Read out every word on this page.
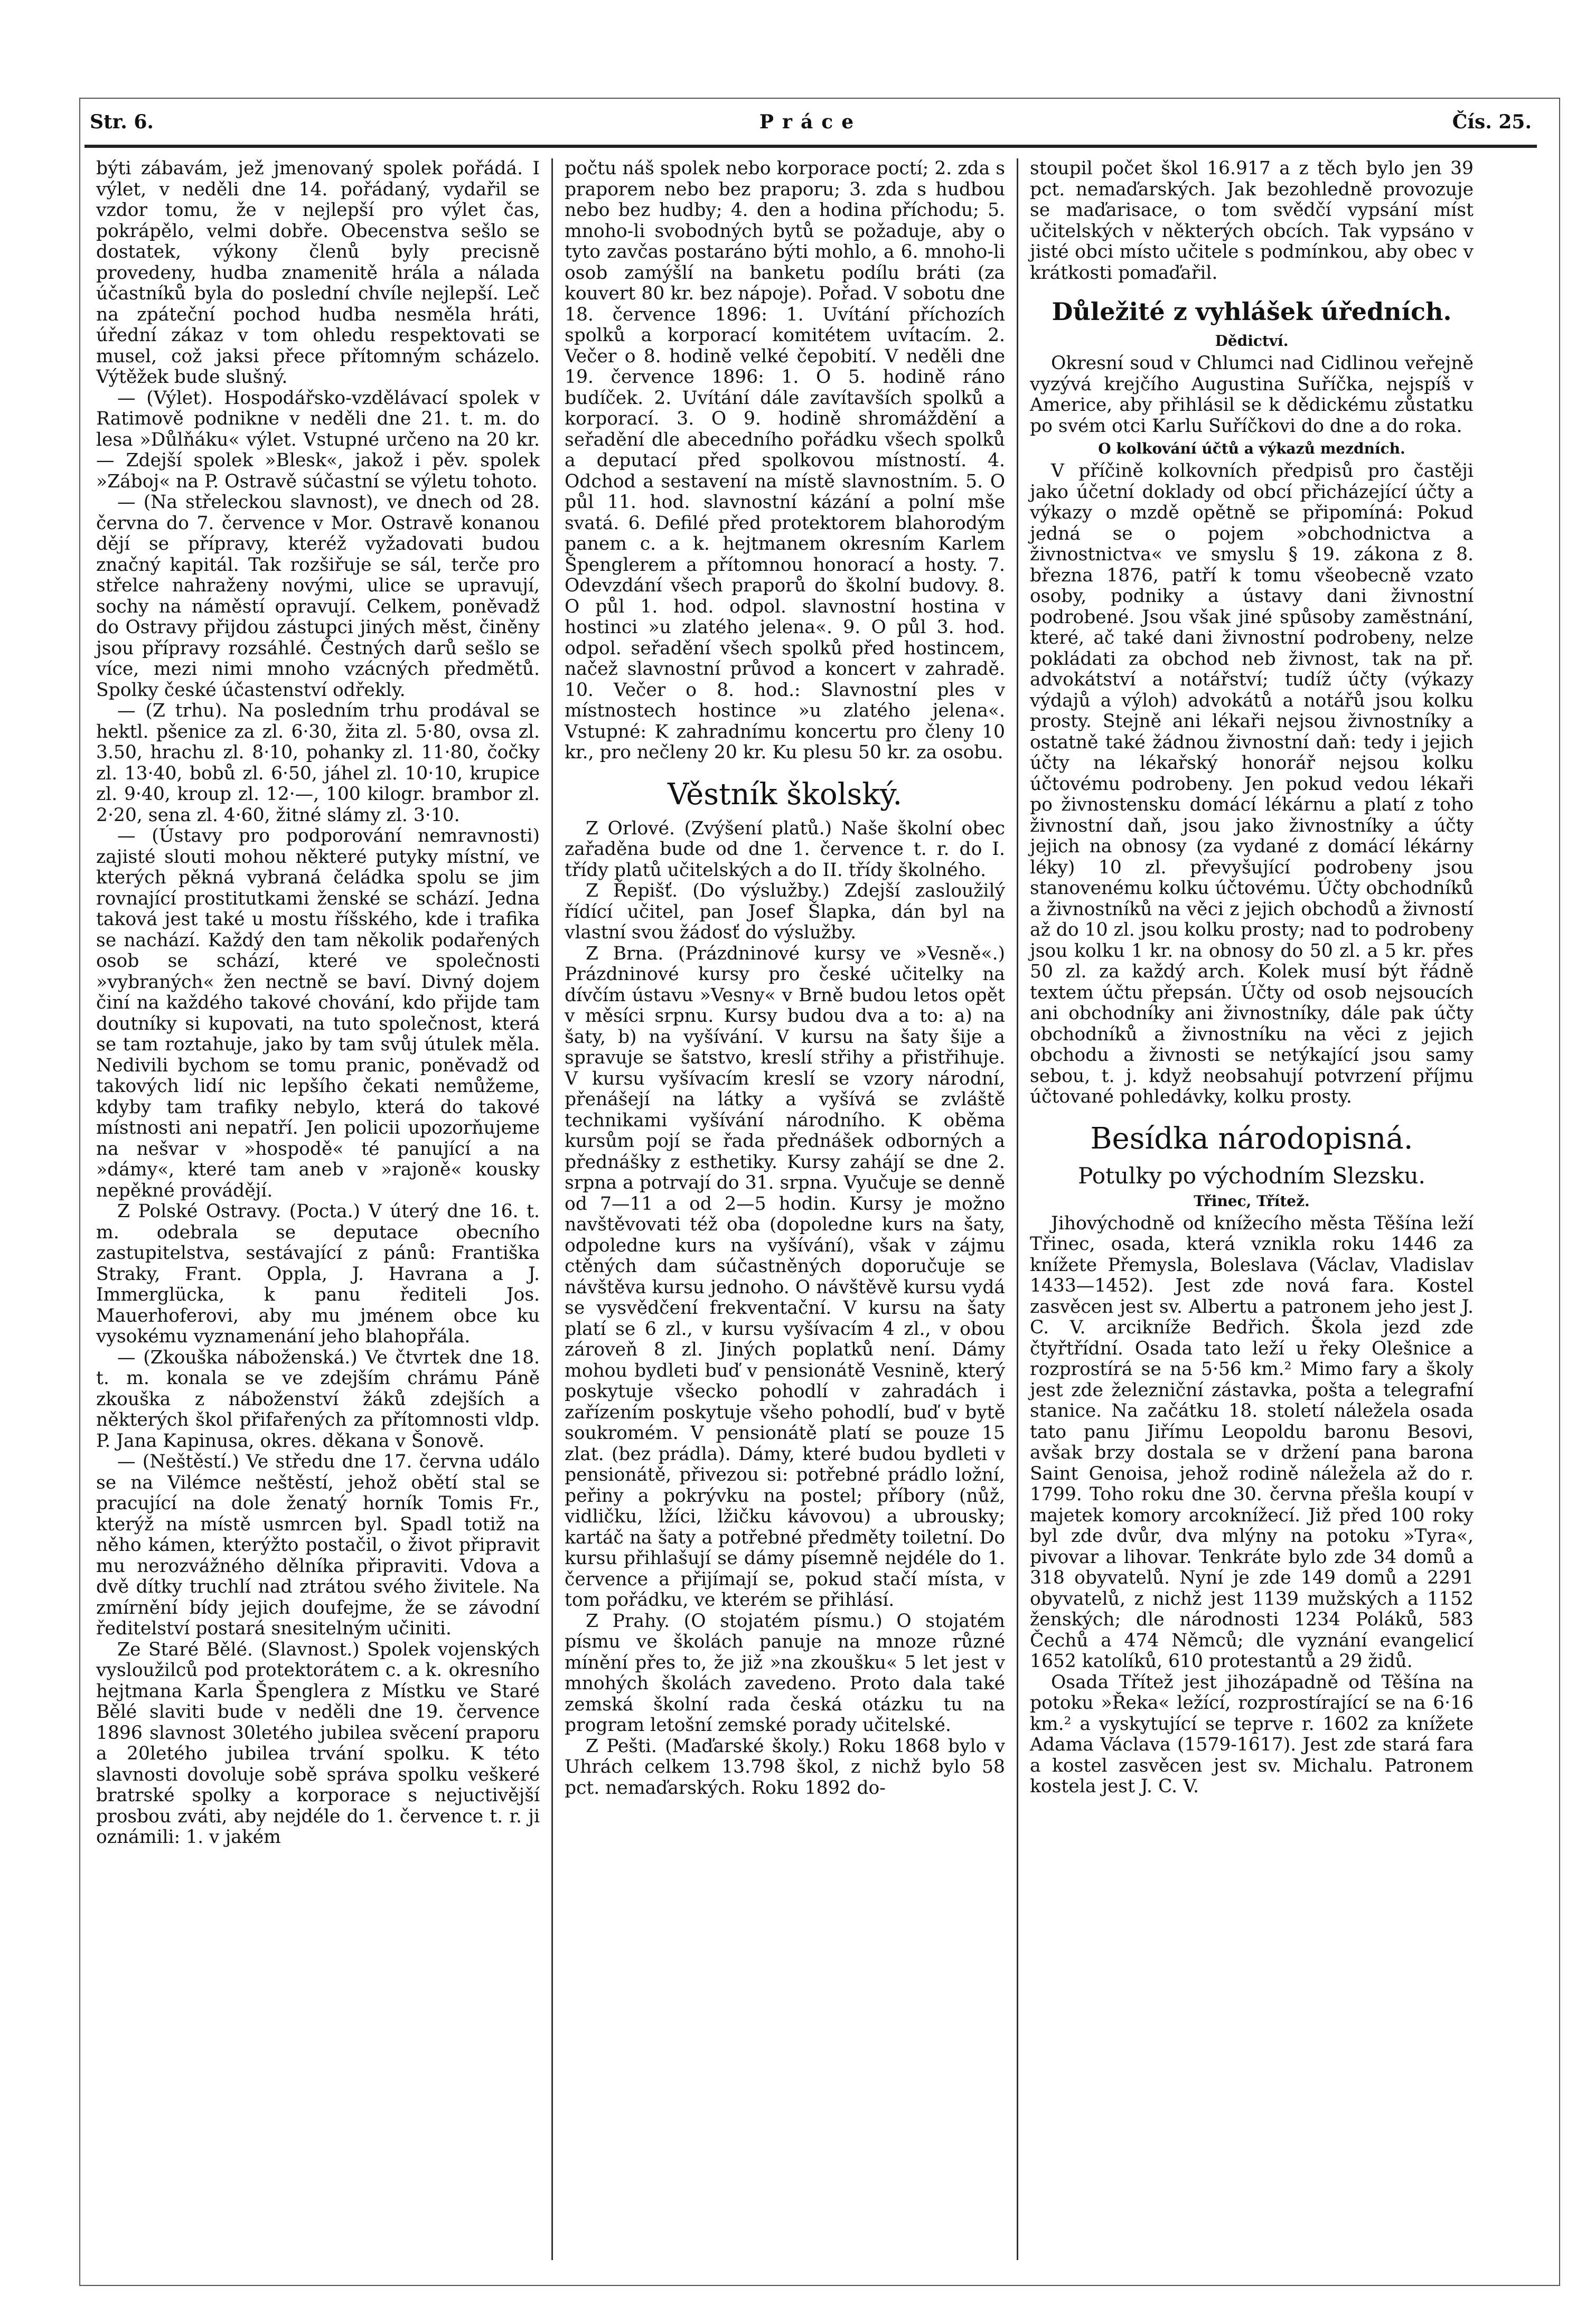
Str. 6.	Práce	Čís. 25.

býti zábavám, jež jmenovaný spolek pořádá. I výlet, v neděli dne 14. pořádaný, vydařil se vzdor tomu, že v nejlepší pro výlet čas, pokrápělo, velmi dobře. Obecenstva sešlo se dostatek, výkony členů byly precisně provedeny, hudba znamenitě hrála a nálada účastníků byla do poslední chvíle nejlepší. Leč na zpáteční pochod hudba nesměla hráti, úřední zákaz v tom ohledu respektovati se musel, což jaksi přece přítomným scházelo. Výtěžek bude slušný.

— (Výlet). Hospodářsko-vzdělávací spolek v Ratimově podnikne v neděli dne 21. t. m. do lesa »Důlňáku« výlet. Vstupné určeno na 20 kr. — Zdejší spolek »Blesk«, jakož i pěv. spolek »Záboj« na P. Ostravě súčastní se výletu tohoto.

— (Na střeleckou slavnost), ve dnech od 28. června do 7. července v Mor. Ostravě konanou dějí se přípravy, kteréž vyžadovati budou značný kapitál. Tak rozšiřuje se sál, terče pro střelce nahraženy novými, ulice se upravují, sochy na náměstí opravují. Celkem, poněvadž do Ostravy přijdou zástupci jiných měst, činěny jsou přípravy rozsáhlé. Čestných darů sešlo se více, mezi nimi mnoho vzácných předmětů. Spolky české účastenství odřekly.

— (Z trhu). Na posledním trhu prodával se hektl. pšenice za zl. 6·30, žita zl. 5·80, ovsa zl. 3.50, hrachu zl. 8·10, pohanky zl. 11·80, čočky zl. 13·40, bobů zl. 6·50, jáhel zl. 10·10, krupice zl. 9·40, kroup zl. 12·—, 100 kilogr. brambor zl. 2·20, sena zl. 4·60, žitné slámy zl. 3·10.

— (Ústavy pro podporování nemravnosti) zajisté slouti mohou některé putyky místní, ve kterých pěkná vybraná čeládka spolu se jim rovnající prostitutkami ženské se schází. Jedna taková jest také u mostu říšského, kde i trafika se nachází. Každý den tam několik podařených osob se schází, které ve společnosti »vybraných« žen nectně se baví. Divný dojem činí na každého takové chování, kdo přijde tam doutníky si kupovati, na tuto společnost, která se tam roztahuje, jako by tam svůj útulek měla. Nedivili bychom se tomu pranic, poněvadž od takových lidí nic lepšího čekati nemůžeme, kdyby tam trafiky nebylo, která do takové místnosti ani nepatří. Jen policii upozorňujeme na nešvar v »hospodě« té panující a na »dámy«, které tam aneb v »rajoně« kousky nepěkné provádějí.

Z Polské Ostravy. (Pocta.) V úterý dne 16. t. m. odebrala se deputace obecního zastupitelstva, sestávající z pánů: Františka Straky, Frant. Oppla, J. Havrana a J. Immerglücka, k panu řediteli Jos. Mauerhoferovi, aby mu jménem obce ku vysokému vyznamenání jeho blahopřála.

— (Zkouška náboženská.) Ve čtvrtek dne 18. t. m. konala se ve zdejším chrámu Páně zkouška z náboženství žáků zdejších a některých škol přifařených za přítomnosti vldp. P. Jana Kapinusa, okres. děkana v Šonově.

— (Neštěstí.) Ve středu dne 17. června událo se na Vilémce neštěstí, jehož obětí stal se pracující na dole ženatý horník Tomis Fr., kterýž na místě usmrcen byl. Spadl totiž na něho kámen, kterýžto postačil, o život připravit mu nerozvážného dělníka připraviti. Vdova a dvě dítky truchlí nad ztrátou svého živitele. Na zmírnění bídy jejich doufejme, že se závodní ředitelství postará snesitelným učiniti.

Ze Staré Bělé. (Slavnost.) Spolek vojenských vysloužilců pod protektorátem c. a k. okresního hejtmana Karla Špenglera z Místku ve Staré Bělé slaviti bude v neděli dne 19. července 1896 slavnost 30letého jubilea svěcení praporu a 20letého jubilea trvání spolku. K této slavnosti dovoluje sobě správa spolku veškeré bratrské spolky a korporace s nejuctivější prosbou zváti, aby nejdéle do 1. července t. r. ji oznámili: 1. v jakém

počtu náš spolek nebo korporace poctí; 2. zda s praporem nebo bez praporu; 3. zda s hudbou nebo bez hudby; 4. den a hodina příchodu; 5. mnoho-li svobodných bytů se požaduje, aby o tyto zavčas postaráno býti mohlo, a 6. mnoho-li osob zamýšlí na banketu podílu bráti (za kouvert 80 kr. bez nápoje). Pořad. V sobotu dne 18. července 1896: 1. Uvítání příchozích spolků a korporací komitétem uvítacím. 2. Večer o 8. hodině velké čepobití. V neděli dne 19. července 1896: 1. O 5. hodině ráno budíček. 2. Uvítání dále zavítavších spolků a korporací. 3. O 9. hodině shromáždění a seřadění dle abecedního pořádku všech spolků a deputací před spolkovou místností. 4. Odchod a sestavení na místě slavnostním. 5. O půl 11. hod. slavnostní kázání a polní mše svatá. 6. Defilé před protektorem blahorodým panem c. a k. hejtmanem okresním Karlem Špenglerem a přítomnou honorací a hosty. 7. Odevzdání všech praporů do školní budovy. 8. O půl 1. hod. odpol. slavnostní hostina v hostinci »u zlatého jelena«. 9. O půl 3. hod. odpol. seřadění všech spolků před hostincem, načež slavnostní průvod a koncert v zahradě. 10. Večer o 8. hod.: Slavnostní ples v místnostech hostince »u zlatého jelena«. Vstupné: K zahradnímu koncertu pro členy 10 kr., pro nečleny 20 kr. Ku plesu 50 kr. za osobu.

Věstník školský.

Z Orlové. (Zvýšení platů.) Naše školní obec zařaděna bude od dne 1. července t. r. do I. třídy platů učitelských a do II. třídy školného.

Z Řepišť. (Do výslužby.) Zdejší zasloužilý řídící učitel, pan Josef Šlapka, dán byl na vlastní svou žádosť do výslužby.

Z Brna. (Prázdninové kursy ve »Vesně«.) Prázdninové kursy pro české učitelky na dívčím ústavu »Vesny« v Brně budou letos opět v měsíci srpnu. Kursy budou dva a to: a) na šaty, b) na vyšívání. V kursu na šaty šije a spravuje se šatstvo, kreslí střihy a přistřihuje. V kursu vyšívacím kreslí se vzory národní, přenášejí na látky a vyšívá se zvláště technikami vyšívání národního. K oběma kursům pojí se řada přednášek odborných a přednášky z esthetiky. Kursy zahájí se dne 2. srpna a potrvají do 31. srpna. Vyučuje se denně od 7—11 a od 2—5 hodin. Kursy je možno navštěvovati též oba (dopoledne kurs na šaty, odpoledne kurs na vyšívání), však v zájmu ctěných dam súčastněných doporučuje se návštěva kursu jednoho. O návštěvě kursu vydá se vysvědčení frekventační. V kursu na šaty platí se 6 zl., v kursu vyšívacím 4 zl., v obou zároveň 8 zl. Jiných poplatků není. Dámy mohou bydleti buď v pensionátě Vesnině, který poskytuje všecko pohodlí v zahradách i zařízením poskytuje všeho pohodlí, buď v bytě soukromém. V pensionátě platí se pouze 15 zlat. (bez prádla). Dámy, které budou bydleti v pensionátě, přivezou si: potřebné prádlo ložní, peřiny a pokrývku na postel; příbory (nůž, vidličku, lžíci, lžičku kávovou) a ubrousky; kartáč na šaty a potřebné předměty toiletní. Do kursu přihlašují se dámy písemně nejdéle do 1. července a přijímají se, pokud stačí místa, v tom pořádku, ve kterém se přihlásí.

Z Prahy. (O stojatém písmu.) O stojatém písmu ve školách panuje na mnoze různé mínění přes to, že již »na zkoušku« 5 let jest v mnohých školách zavedeno. Proto dala také zemská školní rada česká otázku tu na program letošní zemské porady učitelské.

Z Pešti. (Maďarské školy.) Roku 1868 bylo v Uhrách celkem 13.798 škol, z nichž bylo 58 pct. nemaďarských. Roku 1892 do-

stoupil počet škol 16.917 a z těch bylo jen 39 pct. nemaďarských. Jak bezohledně provozuje se maďarisace, o tom svědčí vypsání míst učitelských v některých obcích. Tak vypsáno v jisté obci místo učitele s podmínkou, aby obec v krátkosti pomaďařil.

Důležité z vyhlášek úředních.
Dědictví.

Okresní soud v Chlumci nad Cidlinou veřejně vyzývá krejčího Augustina Suříčka, nejspíš v Americe, aby přihlásil se k dědickému zůstatku po svém otci Karlu Suříčkovi do dne a do roka.

O kolkování účtů a výkazů mezdních.

V příčině kolkovních předpisů pro častěji jako účetní doklady od obcí přicházející účty a výkazy o mzdě opětně se připomíná: Pokud jedná se o pojem »obchodnictva a živnostnictva« ve smyslu § 19. zákona z 8. března 1876, patří k tomu všeobecně vzato osoby, podniky a ústavy dani živnostní podrobené. Jsou však jiné spůsoby zaměstnání, které, ač také dani živnostní podrobeny, nelze pokládati za obchod neb živnost, tak na př. advokátství a notářství; tudíž účty (výkazy výdajů a výloh) advokátů a notářů jsou kolku prosty. Stejně ani lékaři nejsou živnostníky a ostatně také žádnou živnostní daň: tedy i jejich účty na lékařský honorář nejsou kolku účtovému podrobeny. Jen pokud vedou lékaři po živnostensku domácí lékárnu a platí z toho živnostní daň, jsou jako živnostníky a účty jejich na obnosy (za vydané z domácí lékárny léky) 10 zl. převyšující podrobeny jsou stanovenému kolku účtovému. Účty obchodníků a živnostníků na věci z jejich obchodů a živností až do 10 zl. jsou kolku prosty; nad to podrobeny jsou kolku 1 kr. na obnosy do 50 zl. a 5 kr. přes 50 zl. za každý arch. Kolek musí být řádně textem účtu přepsán. Účty od osob nejsoucích ani obchodníky ani živnostníky, dále pak účty obchodníků a živnostníku na věci z jejich obchodu a živnosti se netýkající jsou samy sebou, t. j. když neobsahují potvrzení příjmu účtované pohledávky, kolku prosty.

Besídka národopisná.
Potulky po východním Slezsku.
Třinec, Třítež.

Jihovýchodně od knížecího města Těšína leží Třinec, osada, která vznikla roku 1446 za knížete Přemysla, Boleslava (Václav, Vladislav 1433—1452). Jest zde nová fara. Kostel zasvěcen jest sv. Albertu a patronem jeho jest J. C. V. arcikníže Bedřich. Škola jezd zde čtyřtřídní. Osada tato leží u řeky Olešnice a rozprostírá se na 5·56 km.² Mimo fary a školy jest zde železniční zástavka, pošta a telegrafní stanice. Na začátku 18. století náležela osada tato panu Jiřímu Leopoldu baronu Besovi, avšak brzy dostala se v držení pana barona Saint Genoisa, jehož rodině náležela až do r. 1799. Toho roku dne 30. června přešla koupí v majetek komory arcoknížecí. Již před 100 roky byl zde dvůr, dva mlýny na potoku »Tyra«, pivovar a lihovar. Tenkráte bylo zde 34 domů a 318 obyvatelů. Nyní je zde 149 domů a 2291 obyvatelů, z nichž jest 1139 mužských a 1152 ženských; dle národnosti 1234 Poláků, 583 Čechů a 474 Němců; dle vyznání evangelicí 1652 katolíků, 610 protestantů a 29 židů.

Osada Třítež jest jihozápadně od Těšína na potoku »Řeka« ležící, rozprostírající se na 6·16 km.² a vyskytující se teprve r. 1602 za knížete Adama Václava (1579-1617). Jest zde stará fara a kostel zasvěcen jest sv. Michalu. Patronem kostela jest J. C. V.
